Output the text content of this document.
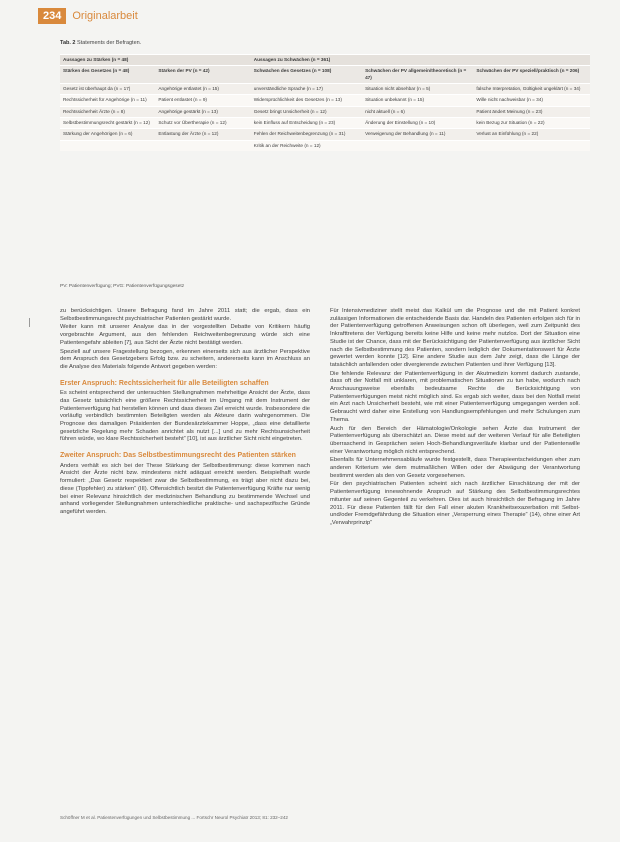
234	Originalarbeit
Tab. 2 Statements der Befragten.
Aussagen zu Stärken (n = 48)		Aussagen zu Schwächen (n = 361)		
Stärken des Gesetzes (n = 48)	Stärken der PV (n = 42)	Schwächen des Gesetzes (n = 108)	Schwächen der PV allgemein/theoretisch (n = 47)	Schwächen der PV speziell/praktisch (n = 206)
Gesetz ist überhaupt da (n = 17)	Angehörige entlastet (n = 15)	unverständliche Sprache (n = 17)	Situation nicht absehbar (n = 5)	falsche Interpretation, Gültigkeit ungeklärt (n = 34)
Rechtssicherheit für Angehörige (n = 11)	Patient entlastet (n = 9)	Widersprüchlichkeit des Gesetzes (n = 13)	Situation unbekannt (n = 15)	Wille nicht nachweisbar (n = 34)
Rechtssicherheit Ärzte (n = 8)	Angehörige gestärkt (n = 13)	Gesetz bringt Unsicherheit (n = 12)	nicht aktuell (n = 6)	Patient ändert Meinung (n = 23)
Selbstbestimmungsrecht gestärkt (n = 12)	Schutz vor Übertherapie (n = 12)	kein Einfluss auf Entscheidung (n = 23)	Änderung der Einstellung (n = 10)	kein Bezug zur Situation (n = 22)
Stärkung der Angehörigen (n = 6)	Entlastung der Ärzte (n = 12)	Fehlen der Reichweitenbegrenzung (n = 31)	Verweigerung der Behandlung (n = 11)	Verlust an Einfühlung (n = 22)
		Kritik an der Reichweite (n = 12)		
PV: Patientenverfügung; PVG: Patientenverfügungsgesetz

zu berücksichtigen. Unsere Befragung fand im Jahre 2011 statt; die ergab, dass ein Selbstbestimmungsrecht psychiatrischer Patienten gestärkt wurde.

Weiter kann mit unserer Analyse das in der vorgestellten Debatte von Kritikern häufig vorgebrachte Argument, aus den fehlenden Reichweitenbegrenzung würde sich eine Patientengefahr ableiten [7], aus Sicht der Ärzte nicht bestätigt werden.

Speziell auf unsere Fragestellung bezogen, erkennen einerseits sich aus ärztlicher Perspektive dem Anspruch des Gesetzgebers Erfolg bzw. zu scheitern, andererseits kann im Anschluss an die Analyse des Materials folgende Antwort gegeben werden:

Erster Anspruch: Rechtssicherheit für alle Beteiligten schaffen

Es scheint entsprechend der untersuchten Stellungnahmen mehrheitige Ansicht der Ärzte, dass das Gesetz tatsächlich eine größere Rechtssicherheit im Umgang mit dem Instrument der Patientenverfügung hat herstellen können und dass dieses Ziel erreicht wurde. Insbesondere die vorläufig verbindlich bestimmten Beteiligten werden als Akteure darin wahrgenommen. Die Prognose des damaligen Präsidenten der Bundesärztekammer Hoppe, „dass eine detaillierte gesetzliche Regelung mehr Schaden anrichtet als nutzt [...] und zu mehr Rechtsunsicherheit führen würde, wo klare Rechtssicherheit besteht“ [10], ist aus ärztlicher Sicht nicht eingetreten.

Zweiter Anspruch: Das Selbstbestimmungsrecht des Patienten stärken

Anders verhält es sich bei der These Stärkung der Selbstbestimmung: diese kommen nach Ansicht der Ärzte nicht bzw. mindestens nicht adäquat erreicht werden. Beispielhaft wurde formuliert: „Das Gesetz respektiert zwar die Selbstbestimmung, es trägt aber nicht dazu bei, diese (Tippfehler) zu stärken“ (III). Offensichtlich besitzt die Patientenverfügung Kräfte nur wenig bei einer Relevanz hinsichtlich der medizinischen Behandlung zu bestimmende Wechsel und anhand vorliegender Stellungnahmen unterschiedliche praktische- und sachspezifische Gründe angeführt werden.

Für Intensivmediziner stellt meist das Kalkül um die Prognose und die mit Patient konkret zulässigen Informationen die entscheidende Basis dar. Handeln des Patienten erfolgen sich für in der Patientenverfügung getroffenen Anweisungen schon oft überlegen, weil zum Zeitpunkt des Inkrafttretens der Verfügung bereits keine Hilfe und keine mehr nutzlos. Dort der Situation eine Studie ist der Chance, dass mit der Berücksichtigung der Patientenverfügung aus ärztlicher Sicht nach die Selbstbestimmung des Patienten, sondern lediglich der Dokumentationswert für Ärzte gewertet werden konnte [12]. Eine andere Studie aus dem Jahr zeigt, dass die Länge der tatsächlich anfallenden oder divergierende zwischen Patienten und ihrer Verfügung [13].

Die fehlende Relevanz der Patientenverfügung in der Akutmedizin kommt dadurch zustande, dass oft der Notfall mit unklaren, mit problematischen Situationen zu tun habe, wodurch nach Anschauungsweise ebenfalls bedeutsame Rechte die Berücksichtigung von Patientenverfügungen meist nicht möglich sind. Es ergab sich weiter, dass bei den Notfall meist ein Arzt nach Unsicherheit besteht, wie mit einer Patientenverfügung umgegangen werden soll. Gebraucht wird daher eine Erstellung von Handlungsempfehlungen und mehr Schulungen zum Thema.

Auch für den Bereich der Hämatologie/Onkologie sehen Ärzte das Instrument der Patientenverfügung als überschätzt an. Diese meist auf der weiteren Verlauf für alle Beteiligten überraschend in Gesprächen seien Hoch-Behandlungsverläufe klarbar und der Patientenwille einer Verantwortung möglich nicht entsprechend.

Ebenfalls für Unternehmensabläufe wurde festgestellt, dass Therapieentscheidungen eher zum anderen Kriterium wie dem mutmaßlichen Willen oder der Abwägung der Verantwortung bestimmt werden als den von Gesetz vorgesehenen.

Für den psychiatrischen Patienten scheint sich nach ärztlicher Einschätzung der mit der Patientenverfügung innewohnende Anspruch auf Stärkung des Selbstbestimmungsrechtes mitunter auf seinen Gegenteil zu verkehren. Dies ist auch hinsichtlich der Befragung im Jahre 2011. Für diese Patienten fällt für den Fall einer akuten Krankheitsexazerbation mit Selbst- und/oder Fremdgefährdung die Situation einer „Versperrung eines Therapie“ (14), ohne einer Art „Verwahrprinzip“

Schöffner M et al. Patientenverfügungen und Selbstbestimmung ... Fortschr Neurol Psychiatr 2013; 81: 232–242
